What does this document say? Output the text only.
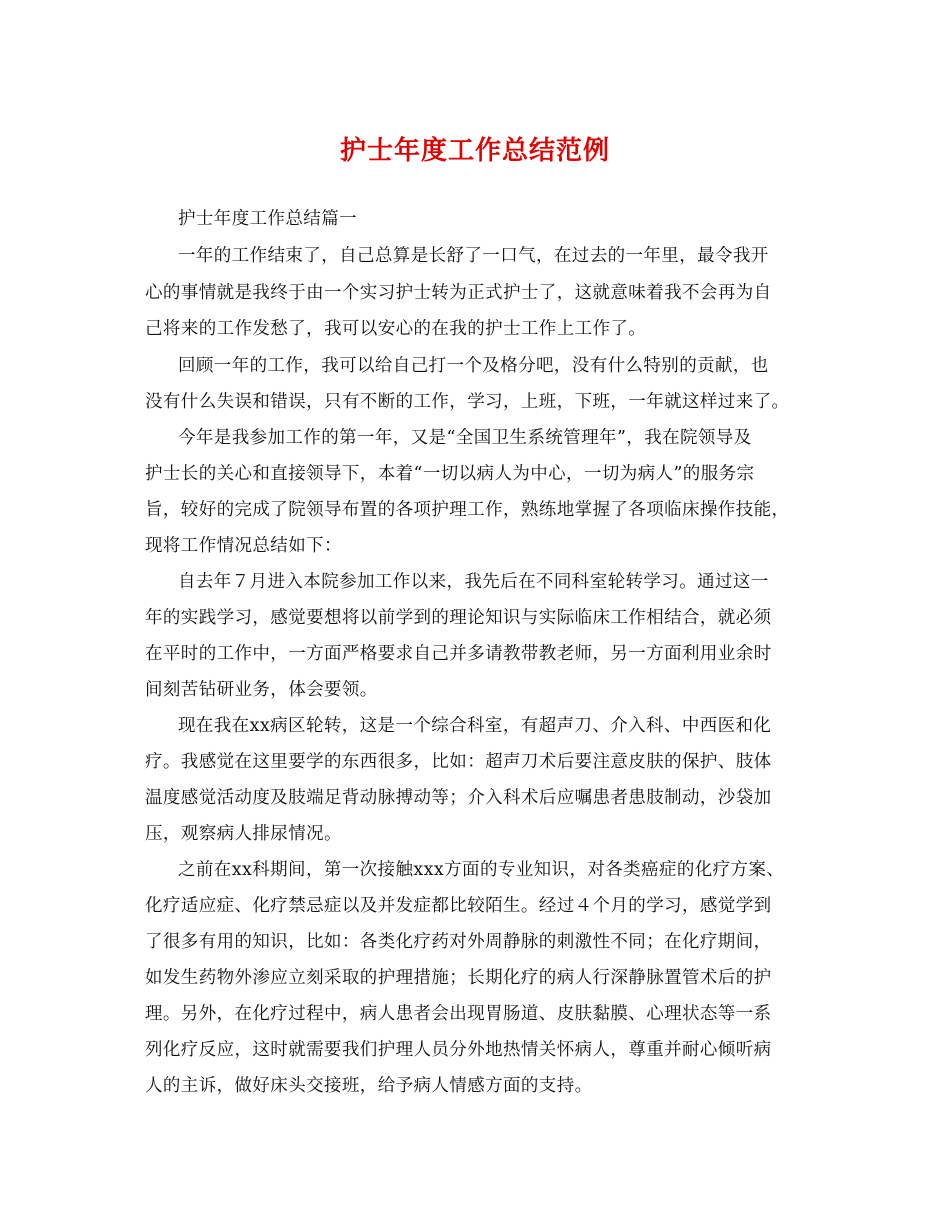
护士年度工作总结范例

护士年度工作总结篇一

一年的工作结束了，自己总算是长舒了一口气，在过去的一年里，最令我开

心的事情就是我终于由一个实习护士转为正式护士了，这就意味着我不会再为自

己将来的工作发愁了，我可以安心的在我的护士工作上工作了。

回顾一年的工作，我可以给自己打一个及格分吧，没有什么特别的贡献，也

没有什么失误和错误，只有不断的工作，学习，上班，下班，一年就这样过来了。

今年是我参加工作的第一年，又是“全国卫生系统管理年”，我在院领导及

护士长的关心和直接领导下，本着“一切以病人为中心，一切为病人”的服务宗

旨，较好的完成了院领导布置的各项护理工作，熟练地掌握了各项临床操作技能，

现将工作情况总结如下：

自去年７月进入本院参加工作以来，我先后在不同科室轮转学习。通过这一

年的实践学习，感觉要想将以前学到的理论知识与实际临床工作相结合，就必须

在平时的工作中，一方面严格要求自己并多请教带教老师，另一方面利用业余时

间刻苦钻研业务，体会要领。

现在我在xx病区轮转，这是一个综合科室，有超声刀、介入科、中西医和化

疗。我感觉在这里要学的东西很多，比如：超声刀术后要注意皮肤的保护、肢体

温度感觉活动度及肢端足背动脉搏动等；介入科术后应嘱患者患肢制动，沙袋加

压，观察病人排尿情况。

之前在xx科期间，第一次接触xxx方面的专业知识，对各类癌症的化疗方案、

化疗适应症、化疗禁忌症以及并发症都比较陌生。经过４个月的学习，感觉学到

了很多有用的知识，比如：各类化疗药对外周静脉的刺激性不同；在化疗期间，

如发生药物外渗应立刻采取的护理措施；长期化疗的病人行深静脉置管术后的护

理。另外，在化疗过程中，病人患者会出现胃肠道、皮肤黏膜、心理状态等一系

列化疗反应，这时就需要我们护理人员分外地热情关怀病人，尊重并耐心倾听病

人的主诉，做好床头交接班，给予病人情感方面的支持。
